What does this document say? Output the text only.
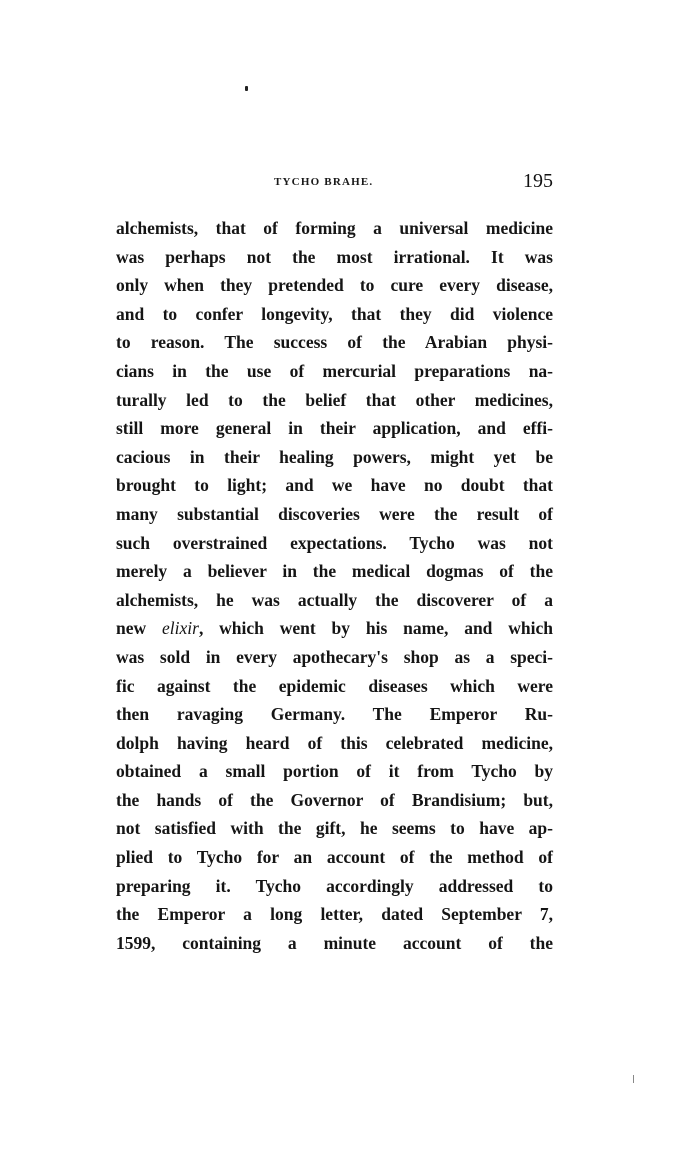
TYCHO BRAHE.	195
alchemists, that of forming a universal medicine
was perhaps not the most irrational. It was
only when they pretended to cure every disease,
and to confer longevity, that they did violence
to reason. The success of the Arabian physi-
cians in the use of mercurial preparations na-
turally led to the belief that other medicines,
still more general in their application, and effi-
cacious in their healing powers, might yet be
brought to light; and we have no doubt that
many substantial discoveries were the result of
such overstrained expectations. Tycho was not
merely a believer in the medical dogmas of the
alchemists, he was actually the discoverer of a
new elixir, which went by his name, and which
was sold in every apothecary's shop as a speci-
fic against the epidemic diseases which were
then ravaging Germany. The Emperor Ru-
dolph having heard of this celebrated medicine,
obtained a small portion of it from Tycho by
the hands of the Governor of Brandisium; but,
not satisfied with the gift, he seems to have ap-
plied to Tycho for an account of the method of
preparing it. Tycho accordingly addressed to
the Emperor a long letter, dated September 7,
1599, containing a minute account of the
